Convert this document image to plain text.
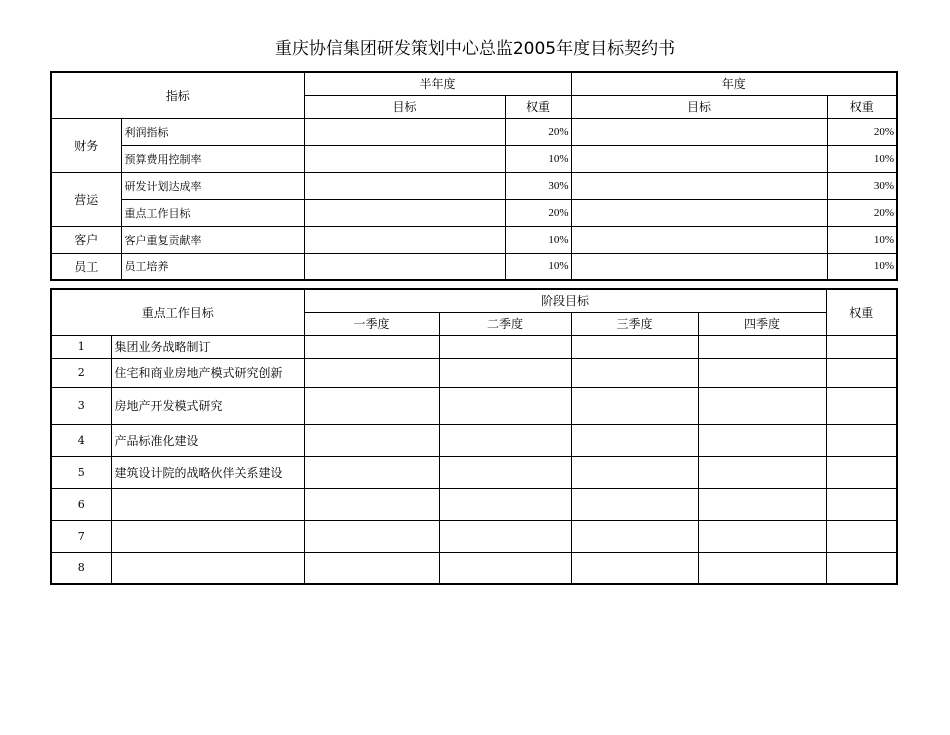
重庆协信集团研发策划中心总监2005年度目标契约书
指标		半年度		年度	
		目标	权重	目标	权重
财务	利润指标		20%		20%
	预算费用控制率		10%		10%
营运	研发计划达成率		30%		30%
	重点工作目标		20%		20%
客户	客户重复贡献率		10%		10%
员工	员工培养		10%		10%
重点工作目标		阶段目标				权重
		一季度	二季度	三季度	四季度	
1	集团业务战略制订					
2	住宅和商业房地产模式研究创新					
3	房地产开发模式研究					
4	产品标准化建设					
5	建筑设计院的战略伙伴关系建设					
6						
7						
8						
